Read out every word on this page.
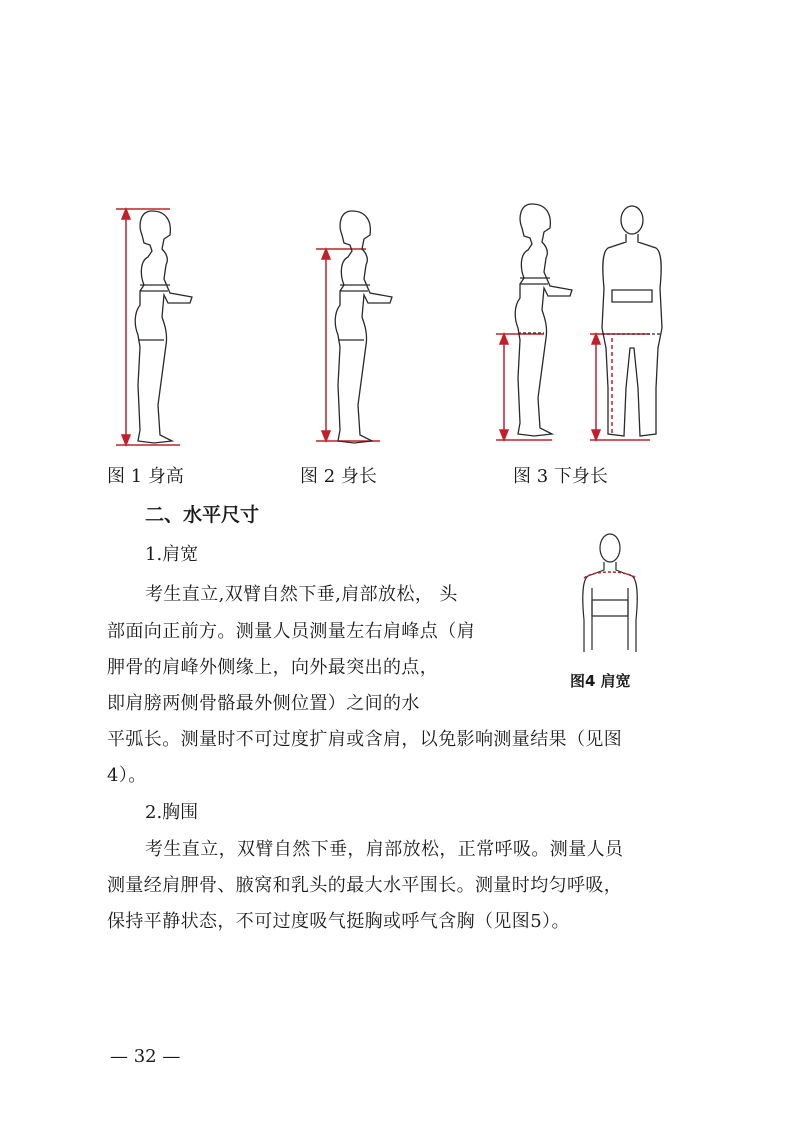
图 1 身高	图 2 身长	图 3 下身长
二、水平尺寸
1.肩宽
图4 肩宽
考生直立,双臂自然下垂,肩部放松， 头
部面向正前方。测量人员测量左右肩峰点（肩
胛骨的肩峰外侧缘上，向外最突出的点，
即肩膀两侧骨骼最外侧位置）之间的水
平弧长。测量时不可过度扩肩或含肩，以免影响测量结果（见图
4）。
2.胸围
考生直立，双臂自然下垂，肩部放松，正常呼吸。测量人员
测量经肩胛骨、腋窝和乳头的最大水平围长。测量时均匀呼吸，
保持平静状态，不可过度吸气挺胸或呼气含胸（见图5）。
— 32 —
